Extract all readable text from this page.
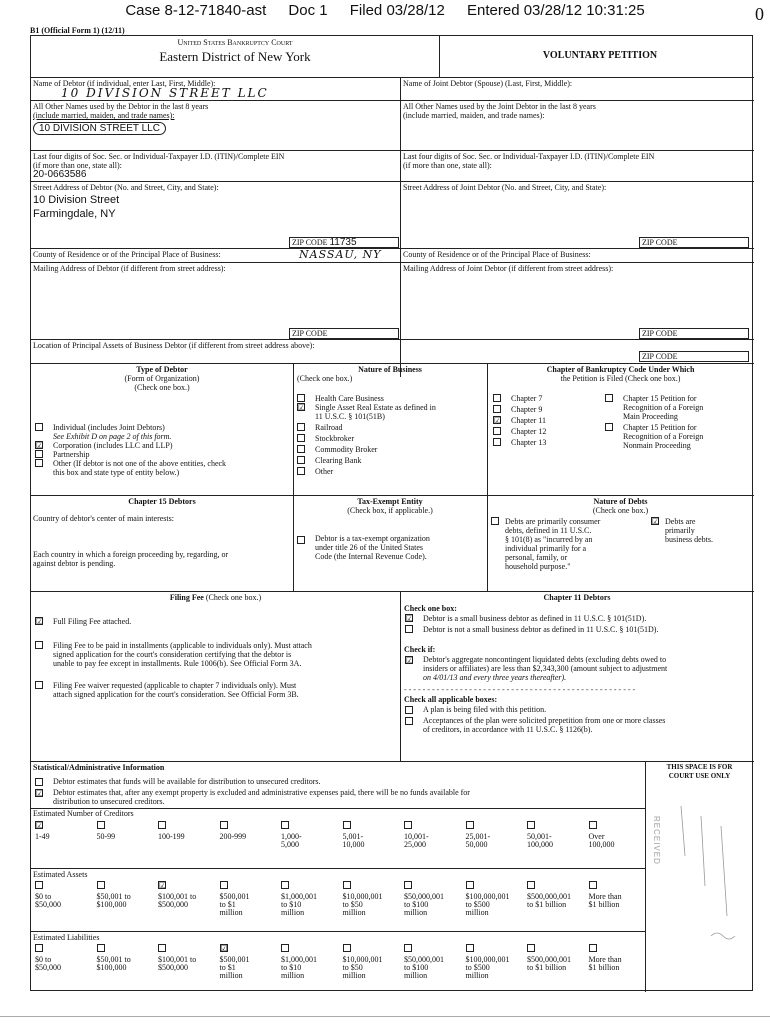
Case 8-12-71840-ast Doc 1 Filed 03/28/12 Entered 03/28/12 10:31:25	0
B1 (Official Form 1) (12/11)
United States Bankruptcy Court
Eastern District of New York	VOLUNTARY PETITION
Name of Debtor (if individual, enter Last, First, Middle):
10 DIVISION STREET LLC
Name of Joint Debtor (Spouse) (Last, First, Middle):
All Other Names used by the Debtor in the last 8 years
(include married, maiden, and trade names):
10 DIVISION STREET LLC
All Other Names used by the Joint Debtor in the last 8 years
(include married, maiden, and trade names):
Last four digits of Soc. Sec. or Individual-Taxpayer I.D. (ITIN)/Complete EIN
(if more than one, state all):
20-0663586
Last four digits of Soc. Sec. or Individual-Taxpayer I.D. (ITIN)/Complete EIN
(if more than one, state all):
Street Address of Debtor (No. and Street, City, and State):
10 Division Street
Farmingdale, NY
ZIP CODE 11735
Street Address of Joint Debtor (No. and Street, City, and State):
ZIP CODE
County of Residence or of the Principal Place of Business:	NASSAU, NY	County of Residence or of the Principal Place of Business:
Mailing Address of Debtor (if different from street address):	Mailing Address of Joint Debtor (if different from street address):
ZIP CODE	ZIP CODE
Location of Principal Assets of Business Debtor (if different from street address above):
ZIP CODE
Type of Debtor
(Form of Organization)
(Check one box.)
Individual (includes Joint Debtors)
See Exhibit D on page 2 of this form.
☑ Corporation (includes LLC and LLP)
Partnership
Other (If debtor is not one of the above entities, check
this box and state type of entity below.)
Nature of Business
(Check one box.)
Health Care Business
☑ Single Asset Real Estate as defined in
11 U.S.C. § 101(51B)
Railroad
Stockbroker
Commodity Broker
Clearing Bank
Other
Chapter of Bankruptcy Code Under Which
the Petition is Filed (Check one box.)
Chapter 7
Chapter 9
☑ Chapter 11
Chapter 12
Chapter 13
Chapter 15 Petition for
Recognition of a Foreign
Main Proceeding
Chapter 15 Petition for
Recognition of a Foreign
Nonmain Proceeding
Chapter 15 Debtors
Country of debtor's center of main interests:
Each country in which a foreign proceeding by, regarding, or
against debtor is pending.
Tax-Exempt Entity
(Check box, if applicable.)
Debtor is a tax-exempt organization
under title 26 of the United States
Code (the Internal Revenue Code).
Nature of Debts
(Check one box.)
Debts are primarily consumer
debts, defined in 11 U.S.C.
§ 101(8) as "incurred by an
individual primarily for a
personal, family, or
household purpose."
☑ Debts are
primarily
business debts.
Filing Fee (Check one box.)
☑ Full Filing Fee attached.
Filing Fee to be paid in installments (applicable to individuals only). Must attach
signed application for the court's consideration certifying that the debtor is
unable to pay fee except in installments. Rule 1006(b). See Official Form 3A.
Filing Fee waiver requested (applicable to chapter 7 individuals only). Must
attach signed application for the court's consideration. See Official Form 3B.
Chapter 11 Debtors
Check one box:
☑ Debtor is a small business debtor as defined in 11 U.S.C. § 101(51D).
Debtor is not a small business debtor as defined in 11 U.S.C. § 101(51D).
Check if:
☑ Debtor's aggregate noncontingent liquidated debts (excluding debts owed to
insiders or affiliates) are less than $2,343,300 (amount subject to adjustment
on 4/01/13 and every three years thereafter).
- - - - - - - - - - - - - - - - - - - - - - - - - - - - - - - - - - - - - - - - - - - - - - - - - -
Check all applicable boxes:
A plan is being filed with this petition.
Acceptances of the plan were solicited prepetition from one or more classes
of creditors, in accordance with 11 U.S.C. § 1126(b).
Statistical/Administrative Information	THIS SPACE IS FOR
COURT USE ONLY
Debtor estimates that funds will be available for distribution to unsecured creditors.
☑ Debtor estimates that, after any exempt property is excluded and administrative expenses paid, there will be no funds available for
distribution to unsecured creditors.
Estimated Number of Creditors
☑
1-49	50-99	100-199	200-999	1,000-
5,000
5,001-
10,000
10,001-
25,000
25,001-
50,000
50,001-
100,000
Over
100,000
Estimated Assets
$0 to
$50,000
$50,001 to
$100,000
☑
$100,001 to
$500,000
$500,001
to $1
million
$1,000,001
to $10
million
$10,000,001
to $50
million
$50,000,001
to $100
million
$100,000,001
to $500
million
$500,000,001
to $1 billion
More than
$1 billion
Estimated Liabilities
$0 to
$50,000
$50,001 to
$100,000
$100,001 to
$500,000
☑
$500,001
to $1
million
$1,000,001
to $10
million
$10,000,001
to $50
million
$50,000,001
to $100
million
$100,000,001
to $500
million
$500,000,001
to $1 billion
More than
$1 billion
RECEIVED
